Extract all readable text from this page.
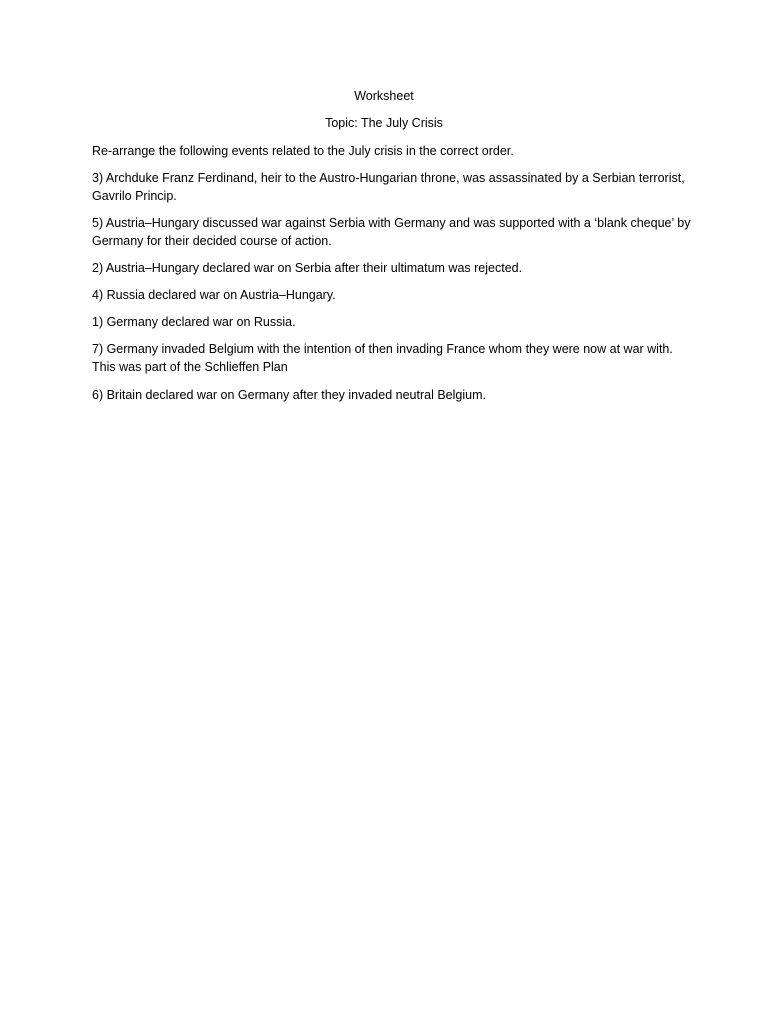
Worksheet
Topic: The July Crisis
Re-arrange the following events related to the July crisis in the correct order.
3) Archduke Franz Ferdinand, heir to the Austro-Hungarian throne, was assassinated by a Serbian terrorist, Gavrilo Princip.
5) Austria–Hungary discussed war against Serbia with Germany and was supported with a ‘blank cheque’ by Germany for their decided course of action.
2) Austria–Hungary declared war on Serbia after their ultimatum was rejected.
4) Russia declared war on Austria–Hungary.
1) Germany declared war on Russia.
7) Germany invaded Belgium with the intention of then invading France whom they were now at war with. This was part of the Schlieffen Plan
6) Britain declared war on Germany after they invaded neutral Belgium.
